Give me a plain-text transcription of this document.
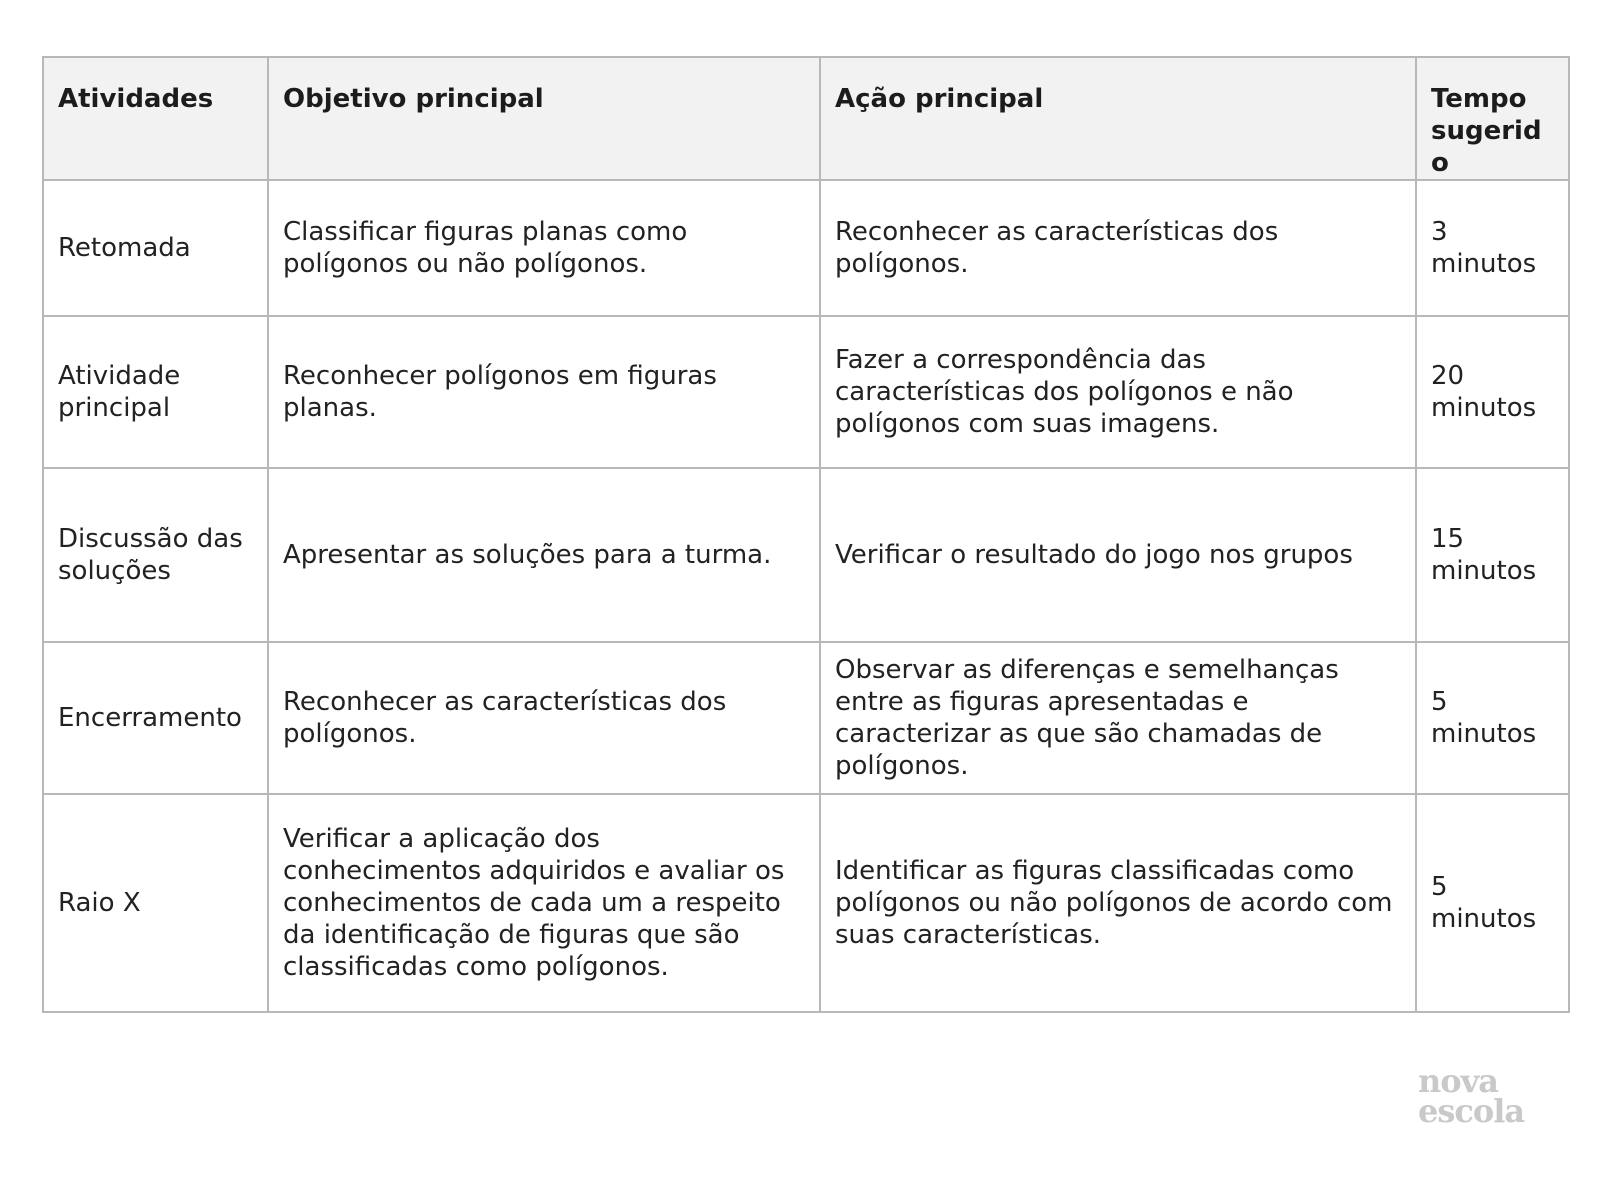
Atividades	Objetivo principal	Ação principal	Tempo sugerido
Retomada	Classificar figuras planas como polígonos ou não polígonos.	Reconhecer as características dos polígonos.	3 minutos
Atividade principal	Reconhecer polígonos em figuras planas.	Fazer a correspondência das características dos polígonos e não polígonos com suas imagens.	20 minutos
Discussão das soluções	Apresentar as soluções para a turma.	Verificar o resultado do jogo nos grupos	15 minutos
Encerramento	Reconhecer as características dos polígonos.	Observar as diferenças e semelhanças entre as figuras apresentadas e caracterizar as que são chamadas de polígonos.	5 minutos
Raio X	Verificar a aplicação dos conhecimentos adquiridos e avaliar os conhecimentos de cada um a respeito da identificação de figuras que são classificadas como polígonos.	Identificar as figuras classificadas como polígonos ou não polígonos de acordo com suas características.	5 minutos
nova
escola
